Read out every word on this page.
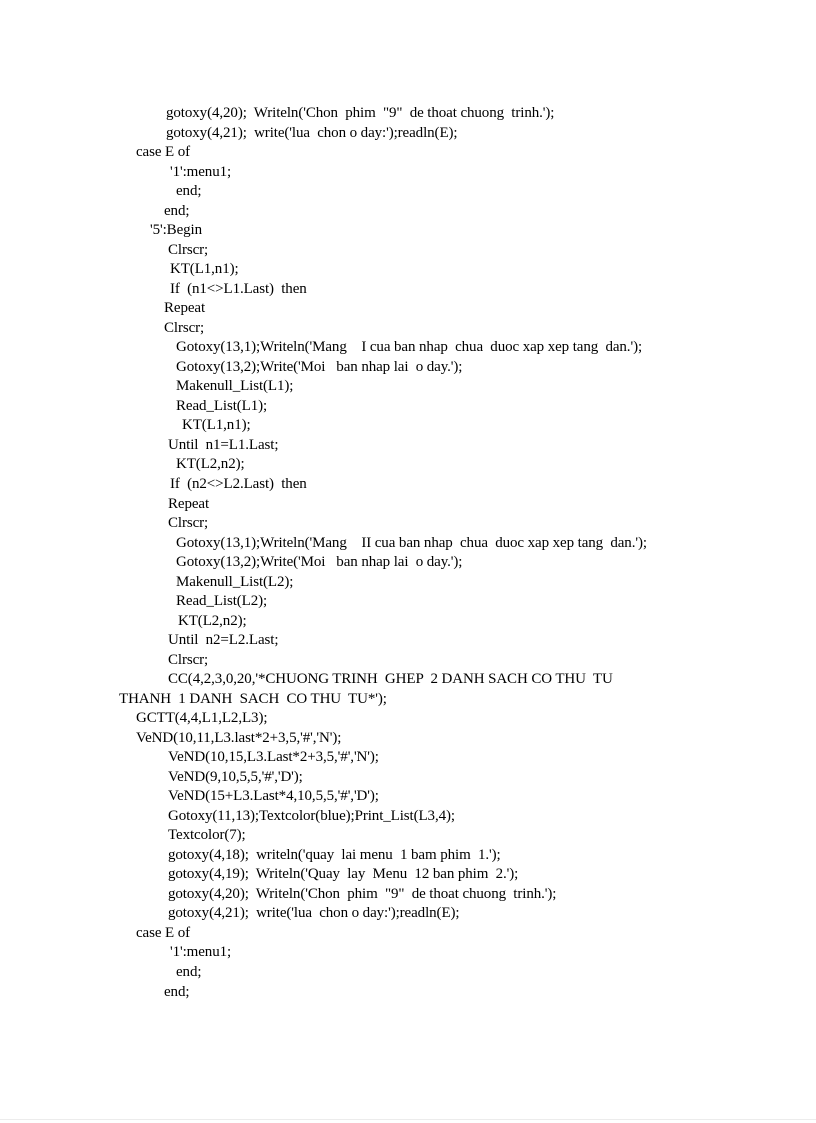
gotoxy(4,20);  Writeln('Chon  phim  "9"  de thoat chuong  trinh.');
gotoxy(4,21);  write('lua  chon o day:');readln(E);
case E of
'1':menu1;
end;
end;
'5':Begin
Clrscr;
KT(L1,n1);
If  (n1<>L1.Last)  then
Repeat
Clrscr;
Gotoxy(13,1);Writeln('Mang    I cua ban nhap  chua  duoc xap xep tang  dan.');
Gotoxy(13,2);Write('Moi   ban nhap lai  o day.');
Makenull_List(L1);
Read_List(L1);
KT(L1,n1);
Until  n1=L1.Last;
KT(L2,n2);
If  (n2<>L2.Last)  then
Repeat
Clrscr;
Gotoxy(13,1);Writeln('Mang    II cua ban nhap  chua  duoc xap xep tang  dan.');
Gotoxy(13,2);Write('Moi   ban nhap lai  o day.');
Makenull_List(L2);
Read_List(L2);
KT(L2,n2);
Until  n2=L2.Last;
Clrscr;
CC(4,2,3,0,20,'*CHUONG TRINH  GHEP  2 DANH SACH CO THU  TU
THANH  1 DANH  SACH  CO THU  TU*');
GCTT(4,4,L1,L2,L3);
VeND(10,11,L3.last*2+3,5,'#','N');
VeND(10,15,L3.Last*2+3,5,'#','N');
VeND(9,10,5,5,'#','D');
VeND(15+L3.Last*4,10,5,5,'#','D');
Gotoxy(11,13);Textcolor(blue);Print_List(L3,4);
Textcolor(7);
gotoxy(4,18);  writeln('quay  lai menu  1 bam phim  1.');
gotoxy(4,19);  Writeln('Quay  lay  Menu  12 ban phim  2.');
gotoxy(4,20);  Writeln('Chon  phim  "9"  de thoat chuong  trinh.');
gotoxy(4,21);  write('lua  chon o day:');readln(E);
case E of
'1':menu1;
end;
end;
